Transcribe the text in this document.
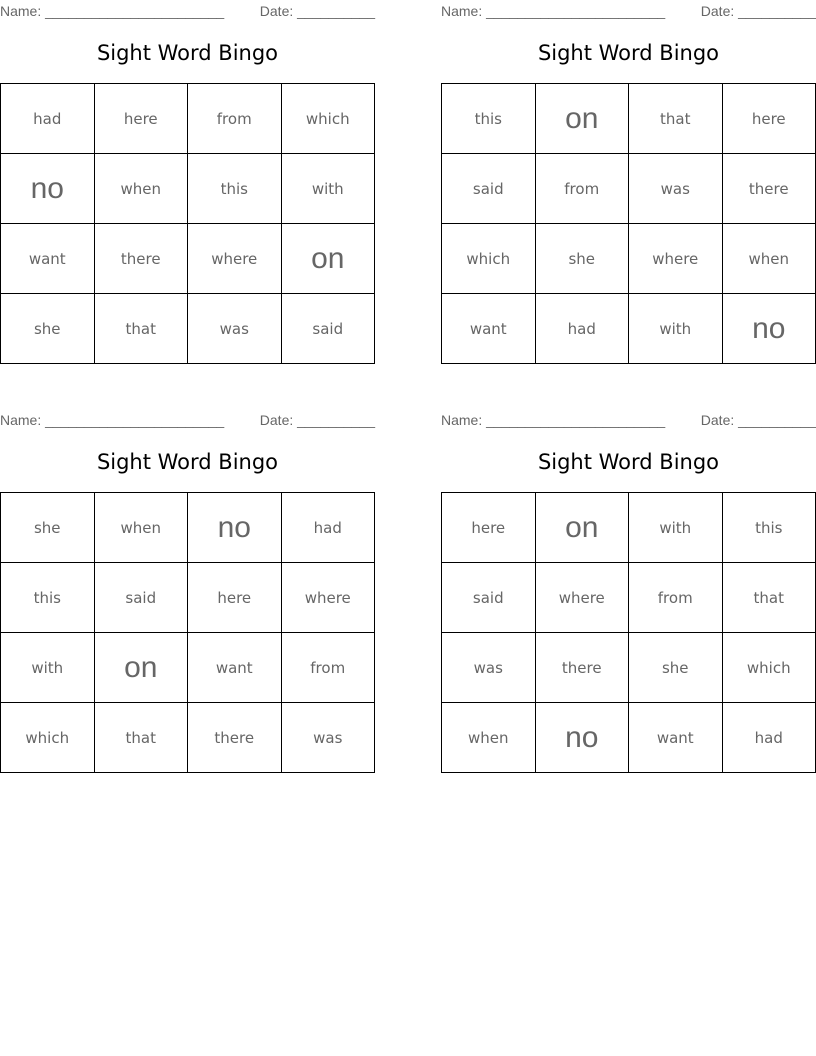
Name: _______________________	Date: __________
Sight Word Bingo
had	here	from	which
no	when	this	with
want	there	where	on
she	that	was	said
Name: _______________________	Date: __________
Sight Word Bingo
this	on	that	here
said	from	was	there
which	she	where	when
want	had	with	no
Name: _______________________	Date: __________
Sight Word Bingo
she	when	no	had
this	said	here	where
with	on	want	from
which	that	there	was
Name: _______________________	Date: __________
Sight Word Bingo
here	on	with	this
said	where	from	that
was	there	she	which
when	no	want	had
